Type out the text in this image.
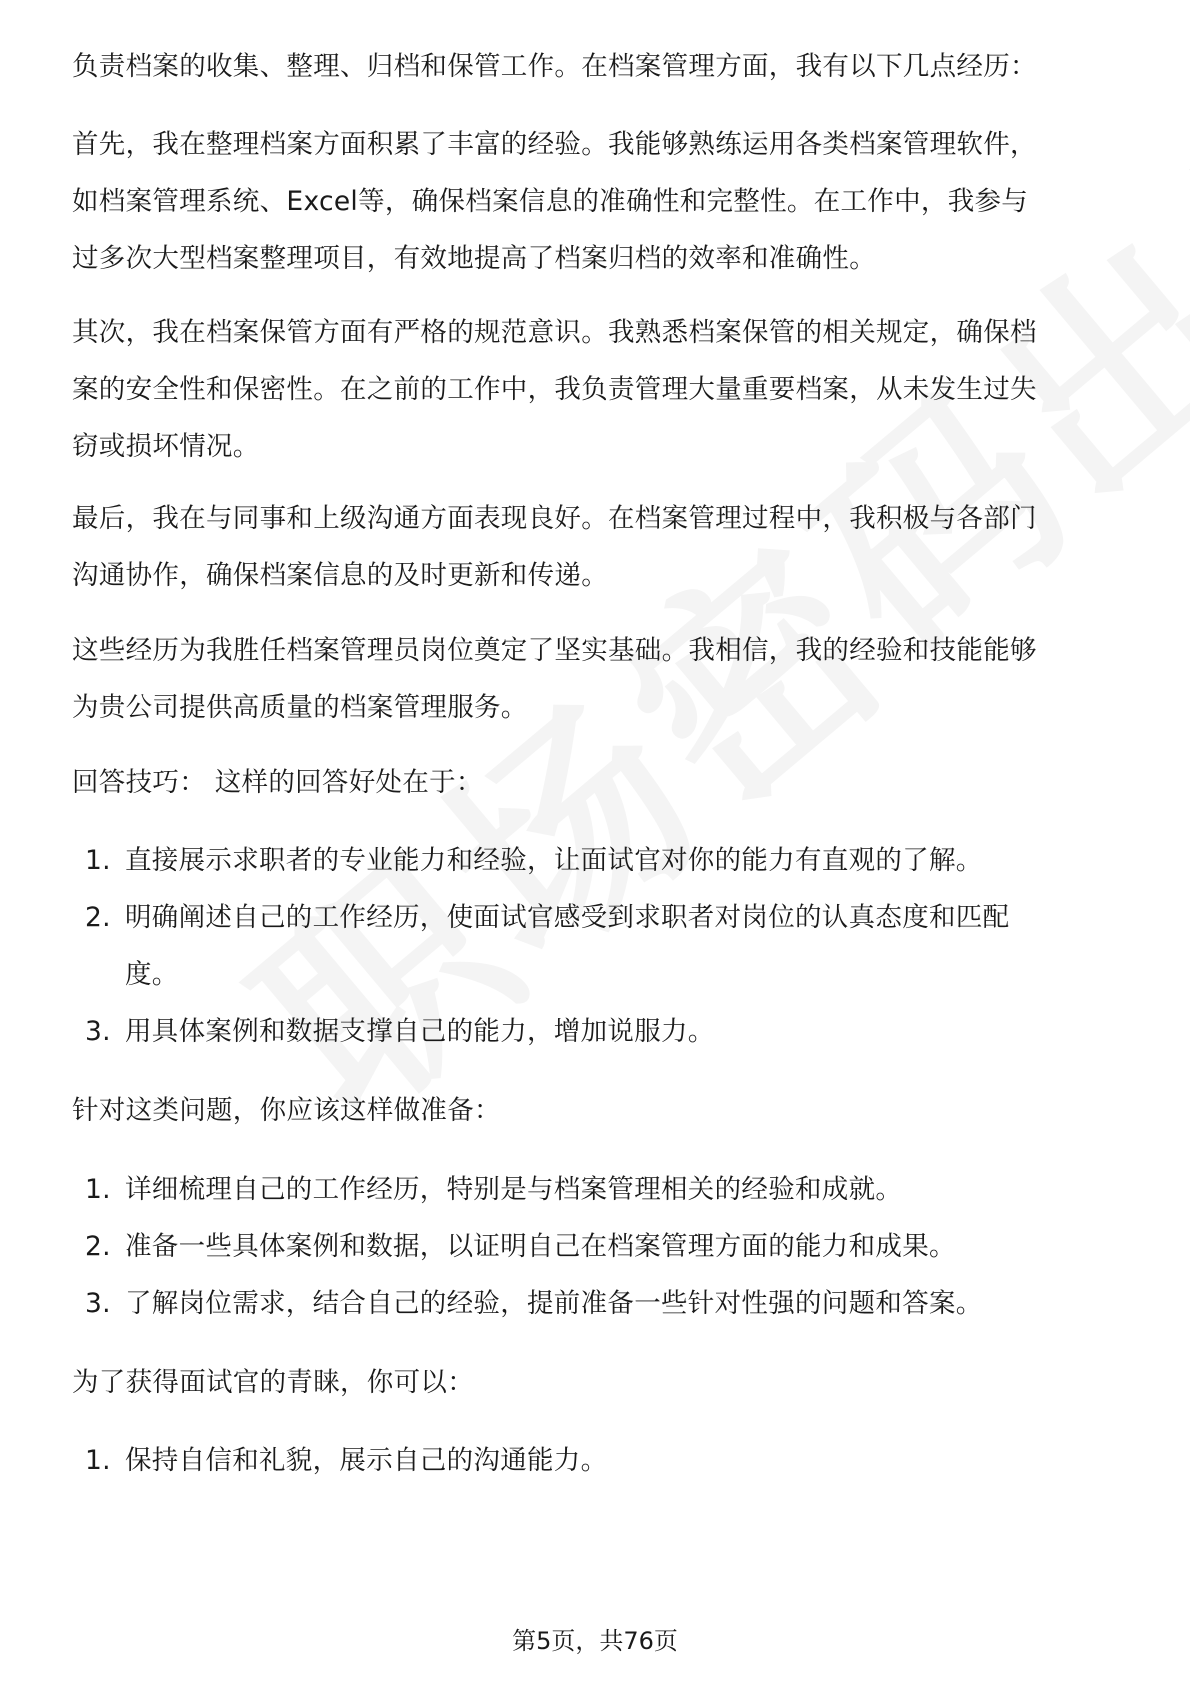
负责档案的收集、整理、归档和保管工作。在档案管理方面，我有以下几点经历：

首先，我在整理档案方面积累了丰富的经验。我能够熟练运用各类档案管理软件，
如档案管理系统、Excel等，确保档案信息的准确性和完整性。在工作中，我参与
过多次大型档案整理项目，有效地提高了档案归档的效率和准确性。

其次，我在档案保管方面有严格的规范意识。我熟悉档案保管的相关规定，确保档
案的安全性和保密性。在之前的工作中，我负责管理大量重要档案，从未发生过失
窃或损坏情况。

最后，我在与同事和上级沟通方面表现良好。在档案管理过程中，我积极与各部门
沟通协作，确保档案信息的及时更新和传递。

这些经历为我胜任档案管理员岗位奠定了坚实基础。我相信，我的经验和技能能够
为贵公司提供高质量的档案管理服务。

回答技巧： 这样的回答好处在于：

1. 直接展示求职者的专业能力和经验，让面试官对你的能力有直观的了解。
2. 明确阐述自己的工作经历，使面试官感受到求职者对岗位的认真态度和匹配
度。
3. 用具体案例和数据支撑自己的能力，增加说服力。

针对这类问题，你应该这样做准备：

1. 详细梳理自己的工作经历，特别是与档案管理相关的经验和成就。
2. 准备一些具体案例和数据，以证明自己在档案管理方面的能力和成果。
3. 了解岗位需求，结合自己的经验，提前准备一些针对性强的问题和答案。

为了获得面试官的青睐，你可以：

1. 保持自信和礼貌，展示自己的沟通能力。
第5页，共76页
